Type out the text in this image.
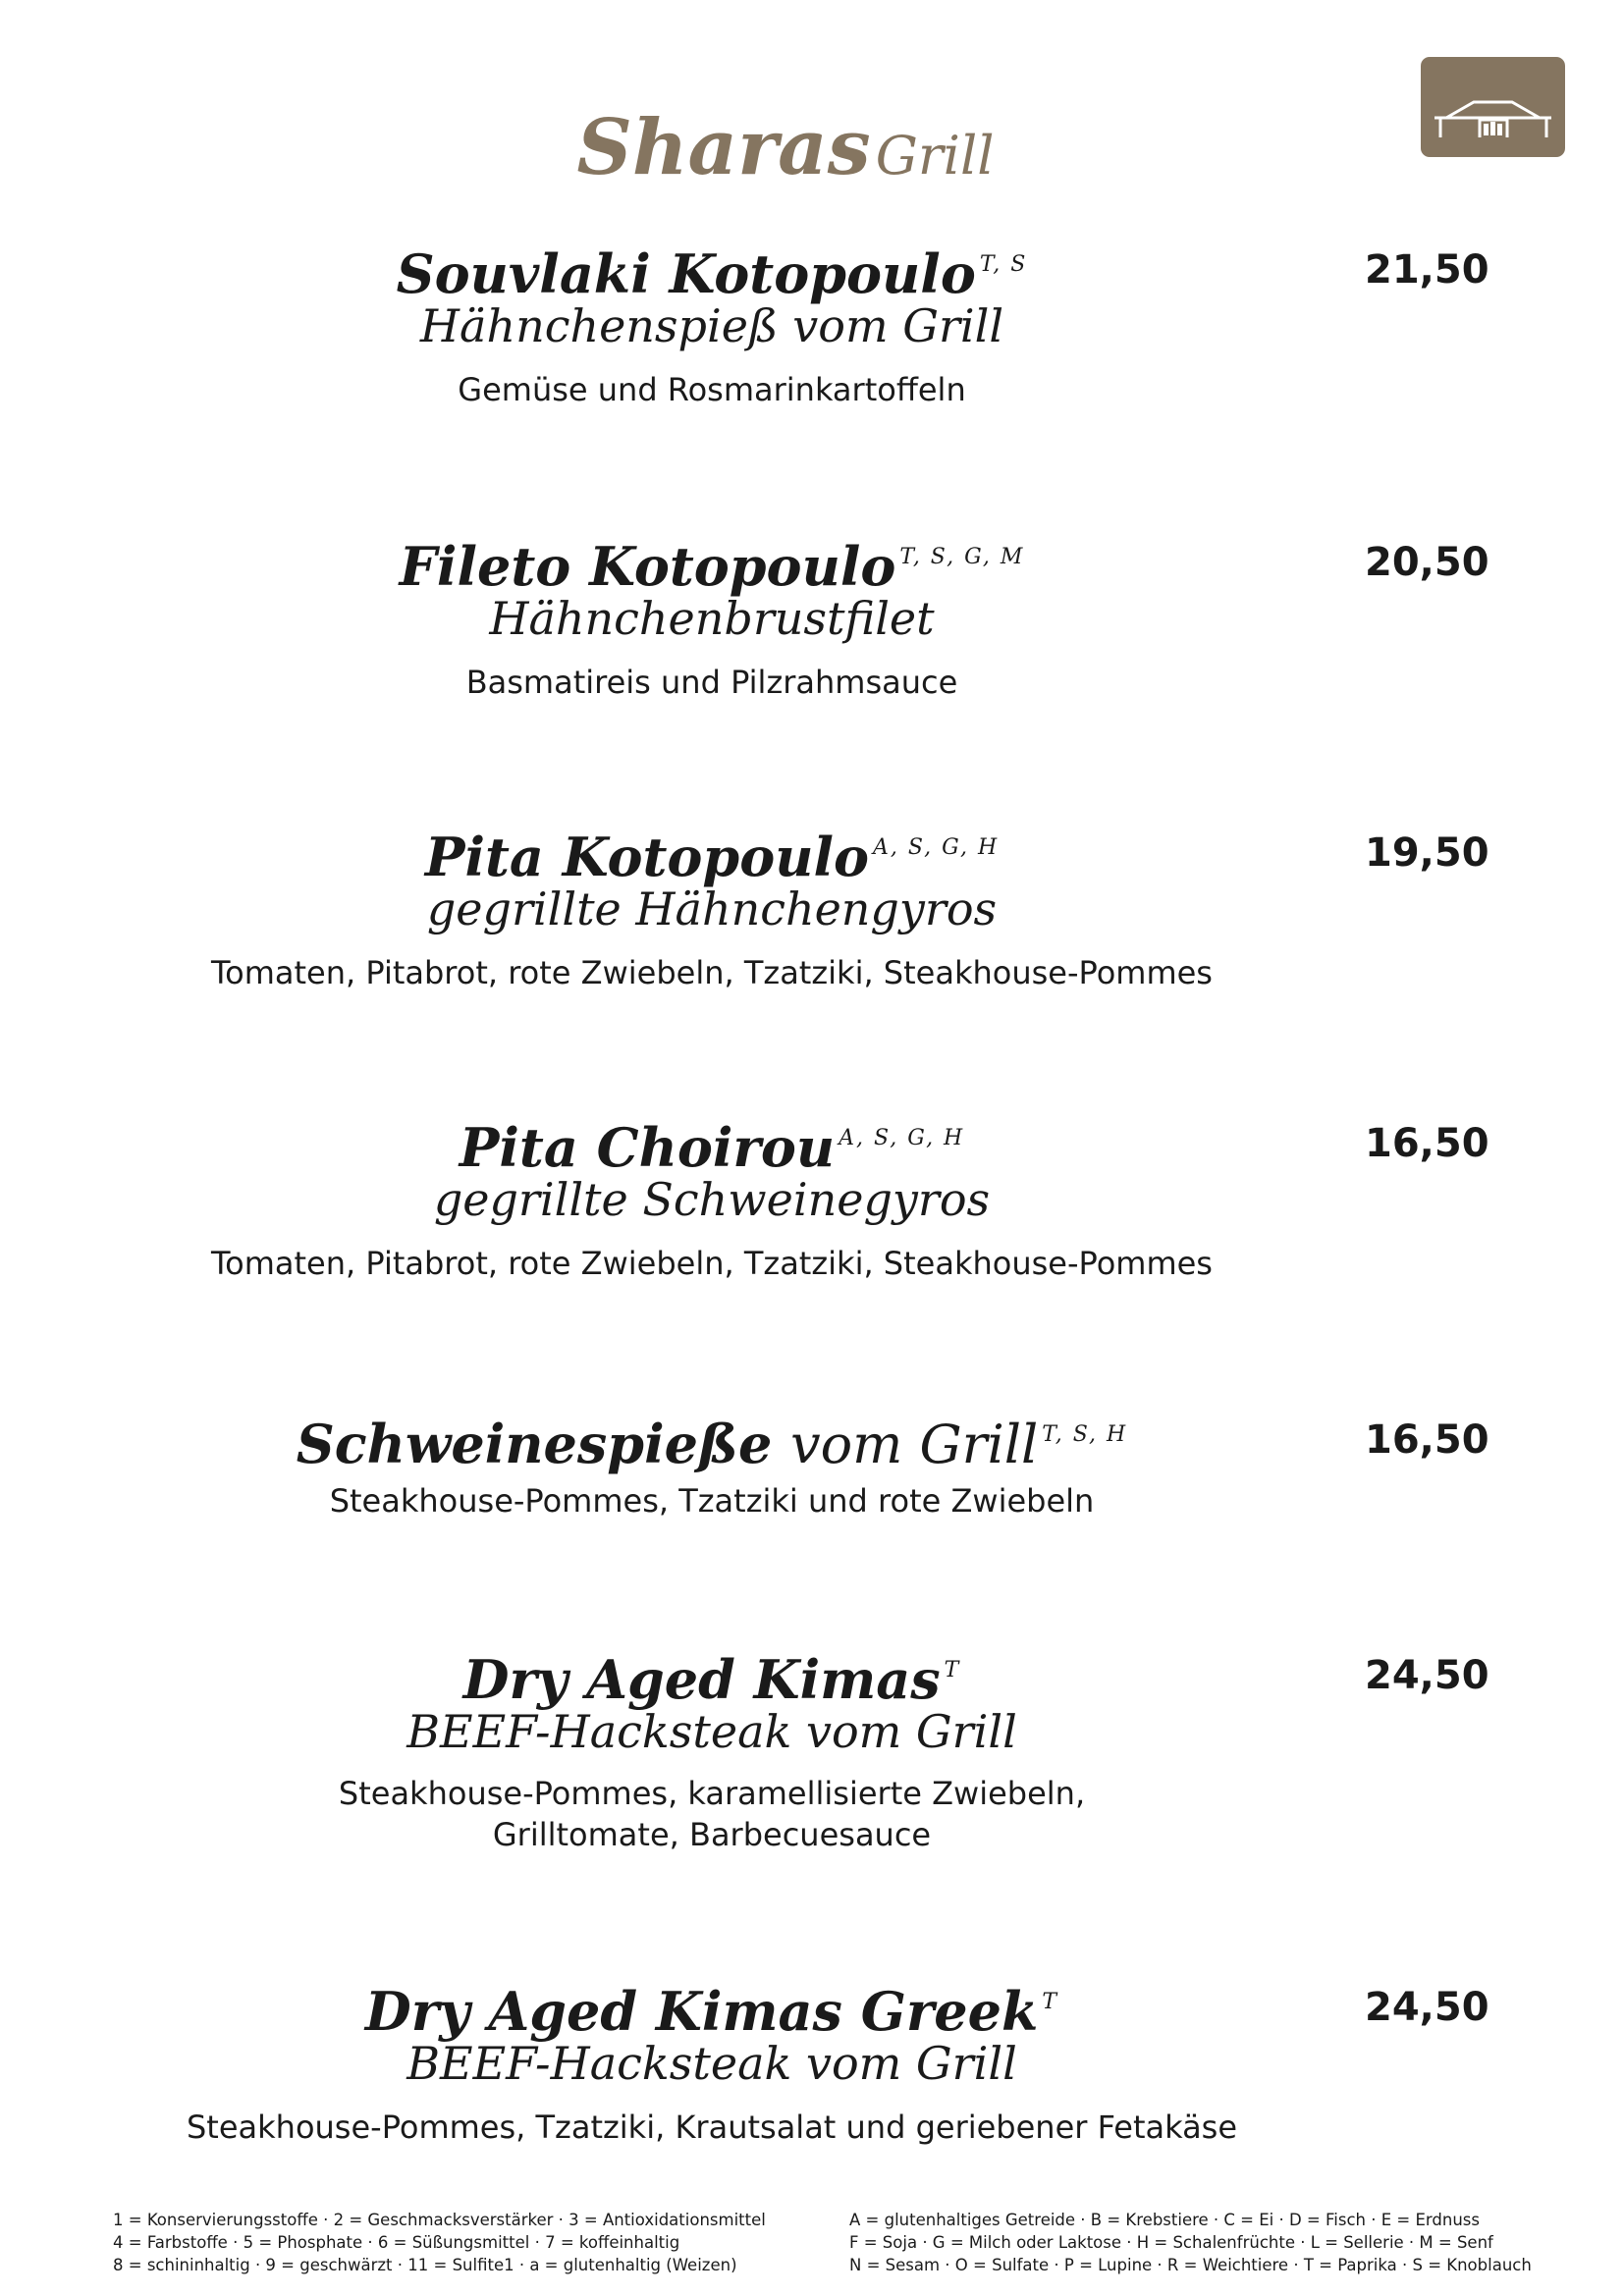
Sharas Grill
Souvlaki Kotopoulo $^{T, S}$
Hähnchenspieß vom Grill
Gemüse und Rosmarinkartoffeln
21,50
Fileto Kotopoulo $^{T, S, G, M}$
Hähnchenbrustfilet
Basmatireis und Pilzrahmsauce
20,50
Pita Kotopoulo $^{A, S, G, H}$
gegrillte Hähnchengyros
Tomaten, Pitabrot, rote Zwiebeln, Tzatziki, Steakhouse-Pommes
19,50
Pita Choirou $^{A, S, G, H}$
gegrillte Schweinegyros
Tomaten, Pitabrot, rote Zwiebeln, Tzatziki, Steakhouse-Pommes
16,50
Schweinespieße vom Grill $^{T, S, H}$
Steakhouse-Pommes, Tzatziki und rote Zwiebeln
16,50
Dry Aged Kimas $^T$
BEEF-Hacksteak vom Grill
Steakhouse-Pommes, karamellisierte Zwiebeln,
Grilltomate, Barbecuesauce
24,50
Dry Aged Kimas Greek $^T$
BEEF-Hacksteak vom Grill
Steakhouse-Pommes, Tzatziki, Krautsalat und geriebener Fetakäse
24,50
1 = Konservierungsstoffe · 2 = Geschmacksverstärker · 3 = Antioxidationsmittel
4 = Farbstoffe · 5 = Phosphate · 6 = Süßungsmittel · 7 = koffeinhaltig
8 = schininhaltig · 9 = geschwärzt · 11 = Sulfite1 · a = glutenhaltig (Weizen)
A = glutenhaltiges Getreide · B = Krebstiere · C = Ei · D = Fisch · E = Erdnuss
F = Soja · G = Milch oder Laktose · H = Schalenfrüchte · L = Sellerie · M = Senf
N = Sesam · O = Sulfate · P = Lupine · R = Weichtiere · T = Paprika · S = Knoblauch
